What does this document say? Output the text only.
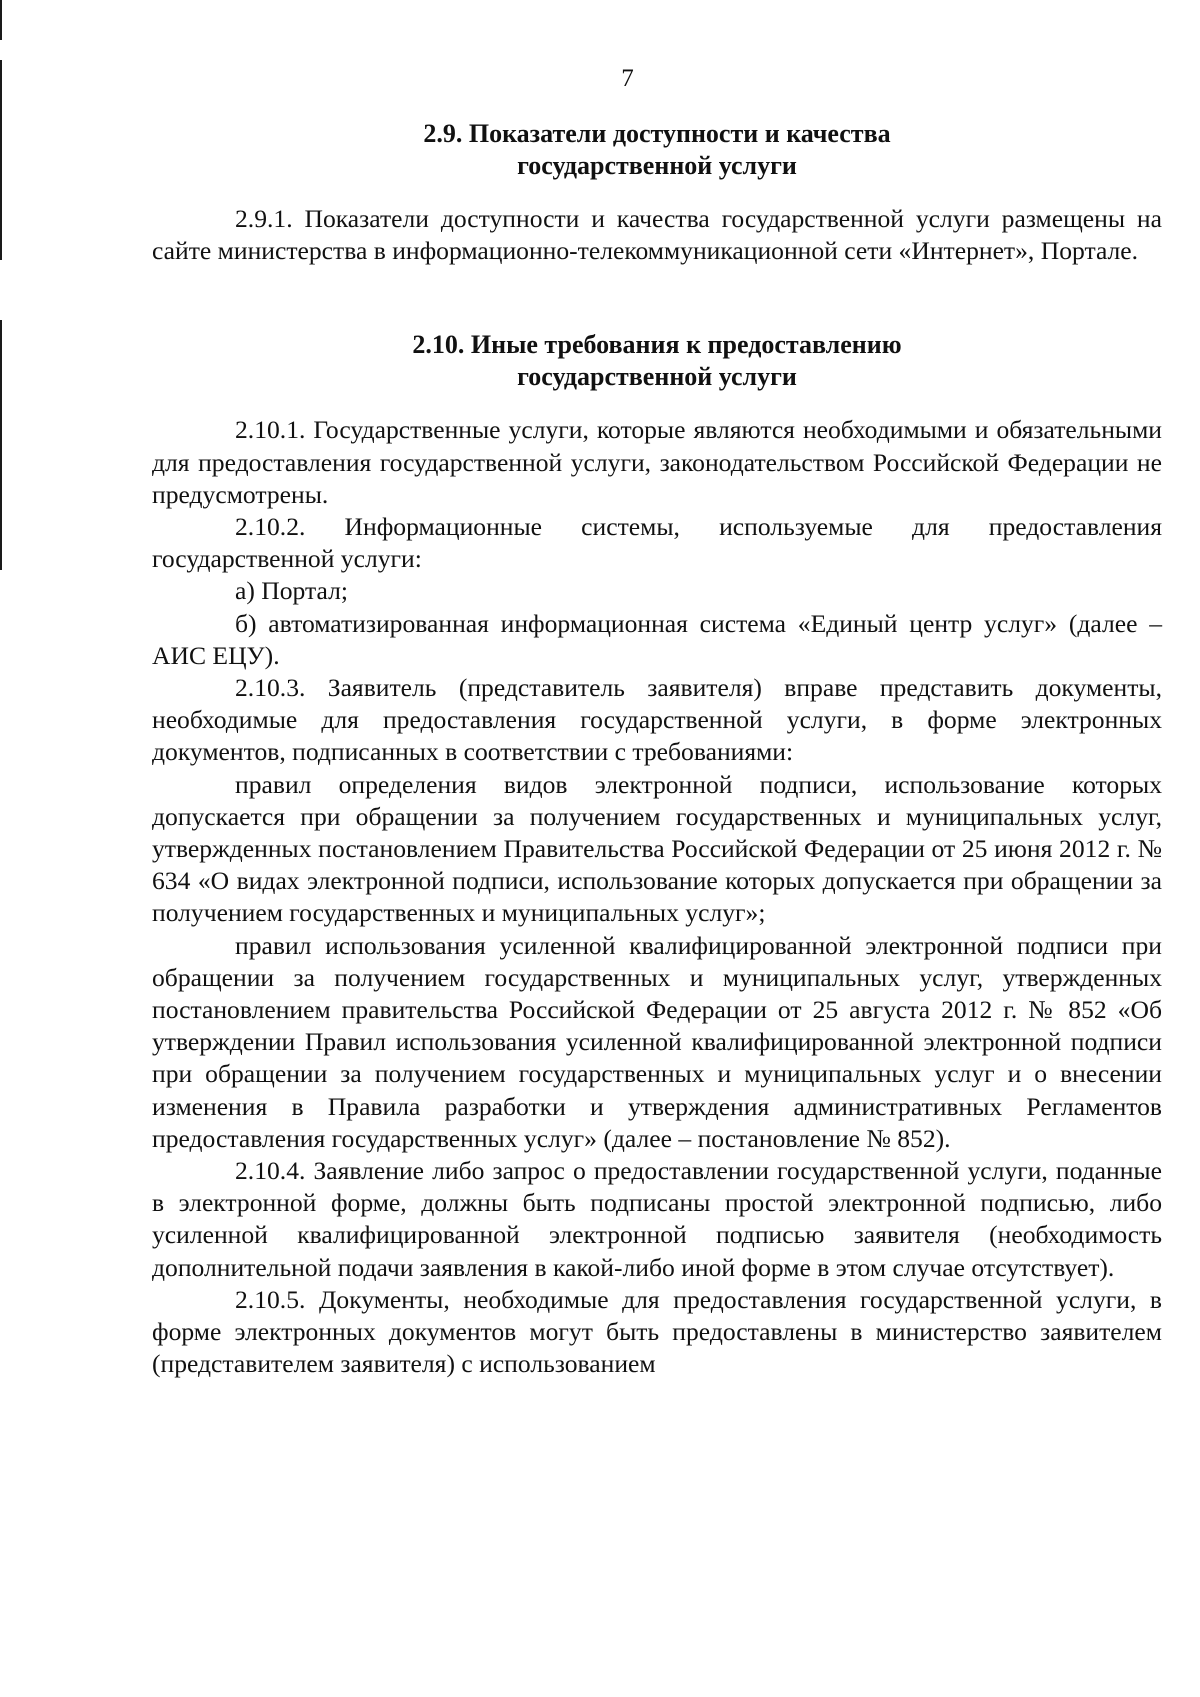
7
2.9. Показатели доступности и качества
государственной услуги

2.9.1. Показатели доступности и качества государственной услуги размещены на сайте министерства в информационно-телекоммуникационной сети «Интернет», Портале.

2.10. Иные требования к предоставлению
государственной услуги

2.10.1. Государственные услуги, которые являются необходимыми и обязательными для предоставления государственной услуги, законодательством Российской Федерации не предусмотрены.

2.10.2. Информационные системы, используемые для предоставления государственной услуги:

а) Портал;

б) автоматизированная информационная система «Единый центр услуг» (далее – АИС ЕЦУ).

2.10.3. Заявитель (представитель заявителя) вправе представить документы, необходимые для предоставления государственной услуги, в форме электронных документов, подписанных в соответствии с требованиями:

правил определения видов электронной подписи, использование которых допускается при обращении за получением государственных и муниципальных услуг, утвержденных постановлением Правительства Российской Федерации от 25 июня 2012 г. № 634 «О видах электронной подписи, использование которых допускается при обращении за получением государственных и муниципальных услуг»;

правил использования усиленной квалифицированной электронной подписи при обращении за получением государственных и муниципальных услуг, утвержденных постановлением правительства Российской Федерации от 25 августа 2012 г. № 852 «Об утверждении Правил использования усиленной квалифицированной электронной подписи при обращении за получением государственных и муниципальных услуг и о внесении изменения в Правила разработки и утверждения административных Регламентов предоставления государственных услуг» (далее – постановление № 852).

2.10.4. Заявление либо запрос о предоставлении государственной услуги, поданные в электронной форме, должны быть подписаны простой электронной подписью, либо усиленной квалифицированной электронной подписью заявителя (необходимость дополнительной подачи заявления в какой-либо иной форме в этом случае отсутствует).

2.10.5. Документы, необходимые для предоставления государственной услуги, в форме электронных документов могут быть предоставлены в министерство заявителем (представителем заявителя) с использованием
